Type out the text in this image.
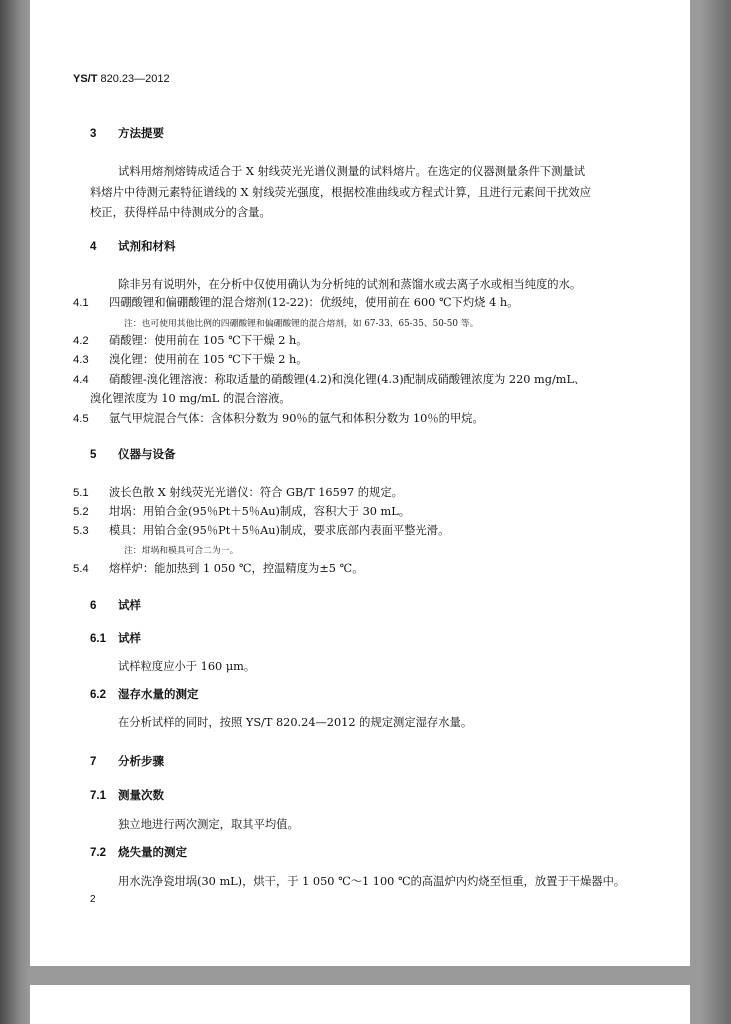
YS/T 820.23—2012
3 方法提要
试料用熔剂熔铸成适合于 X 射线荧光光谱仪测量的试料熔片。在选定的仪器测量条件下测量试
料熔片中待测元素特征谱线的 X 射线荧光强度，根据校准曲线或方程式计算，且进行元素间干扰效应
校正，获得样品中待测成分的含量。
4 试剂和材料
除非另有说明外，在分析中仅使用确认为分析纯的试剂和蒸馏水或去离子水或相当纯度的水。
4.1 四硼酸锂和偏硼酸锂的混合熔剂(12-22)：优级纯，使用前在 600 ℃下灼烧 4 h。
注：也可使用其他比例的四硼酸锂和偏硼酸锂的混合熔剂，如 67-33、65-35、50-50 等。
4.2 硝酸锂：使用前在 105 ℃下干燥 2 h。
4.3 溴化锂：使用前在 105 ℃下干燥 2 h。
4.4 硝酸锂-溴化锂溶液：称取适量的硝酸锂(4.2)和溴化锂(4.3)配制成硝酸锂浓度为 220 mg/mL、
溴化锂浓度为 10 mg/mL 的混合溶液。
4.5 氩气甲烷混合气体：含体积分数为 90％的氩气和体积分数为 10％的甲烷。
5 仪器与设备
5.1 波长色散 X 射线荧光光谱仪：符合 GB/T 16597 的规定。
5.2 坩埚：用铂合金(95％Pt＋5％Au)制成，容积大于 30 mL。
5.3 模具：用铂合金(95％Pt＋5％Au)制成，要求底部内表面平整光滑。
注：坩埚和模具可合二为一。
5.4 熔样炉：能加热到 1 050 ℃，控温精度为±5 ℃。
6 试样
6.1 试样
试样粒度应小于 160 μm。
6.2 湿存水量的测定
在分析试样的同时，按照 YS/T 820.24—2012 的规定测定湿存水量。
7 分析步骤
7.1 测量次数
独立地进行两次测定，取其平均值。
7.2 烧失量的测定
用水洗净瓷坩埚(30 mL)，烘干，于 1 050 ℃～1 100 ℃的高温炉内灼烧至恒重，放置于干燥器中。
2
